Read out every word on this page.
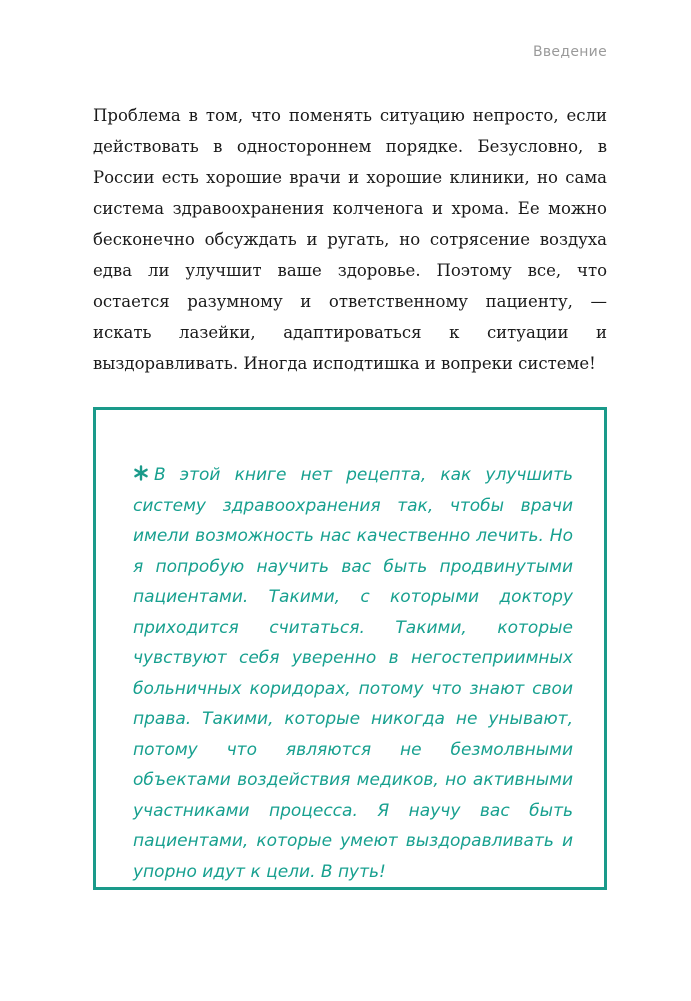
Введение

Проблема в том, что поменять ситуацию непросто, если действовать в одностороннем порядке. Безусловно, в России есть хорошие врачи и хорошие клиники, но сама система здравоохранения колченога и хрома. Ее можно бесконечно обсуждать и ругать, но сотрясение воздуха едва ли улучшит ваше здоровье. Поэтому все, что остается разумному и ответственному пациенту, — искать лазейки, адаптироваться к ситуации и выздоравливать. Иногда исподтишка и вопреки системе!

В этой книге нет рецепта, как улучшить систему здравоохранения так, чтобы врачи имели возможность нас качественно лечить. Но я попробую научить вас быть продвинутыми пациентами. Такими, с которыми доктору приходится считаться. Такими, которые чувствуют себя уверенно в негостеприимных больничных коридорах, потому что знают свои права. Такими, которые никогда не унывают, потому что являются не безмолвными объектами воздействия медиков, но активными участниками процесса. Я научу вас быть пациентами, которые умеют выздоравливать и упорно идут к цели. В путь!
